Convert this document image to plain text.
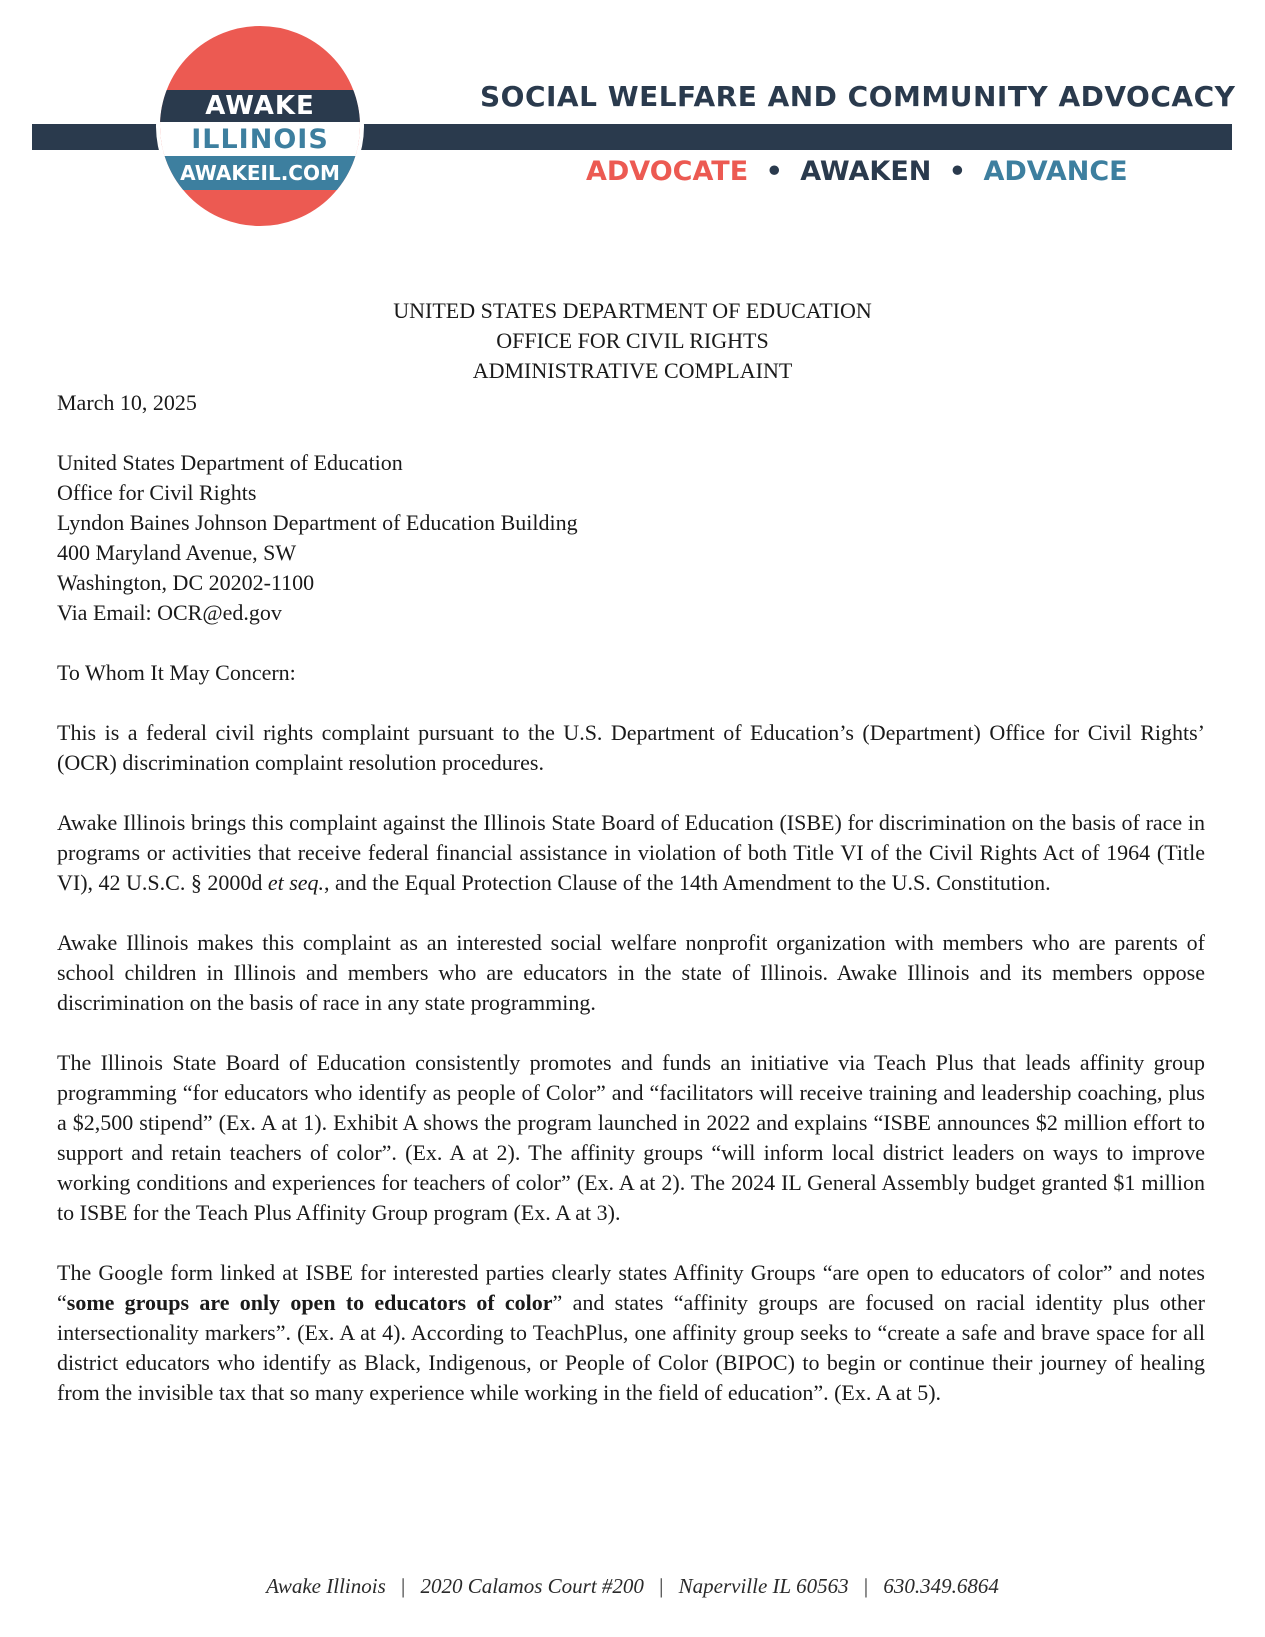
AWAKE
ILLINOIS
AWAKEIL.COM
SOCIAL WELFARE AND COMMUNITY ADVOCACY
ADVOCATE • AWAKEN • ADVANCE
UNITED STATES DEPARTMENT OF EDUCATION
OFFICE FOR CIVIL RIGHTS
ADMINISTRATIVE COMPLAINT
March 10, 2025
United States Department of Education
Office for Civil Rights
Lyndon Baines Johnson Department of Education Building
400 Maryland Avenue, SW
Washington, DC 20202-1100
Via Email: OCR@ed.gov
To Whom It May Concern:

This is a federal civil rights complaint pursuant to the U.S. Department of Education’s (Department) Office for Civil Rights’ (OCR) discrimination complaint resolution procedures.

Awake Illinois brings this complaint against the Illinois State Board of Education (ISBE) for discrimination on the basis of race in programs or activities that receive federal financial assistance in violation of both Title VI of the Civil Rights Act of 1964 (Title VI), 42 U.S.C. § 2000d et seq., and the Equal Protection Clause of the 14th Amendment to the U.S. Constitution.

Awake Illinois makes this complaint as an interested social welfare nonprofit organization with members who are parents of school children in Illinois and members who are educators in the state of Illinois. Awake Illinois and its members oppose discrimination on the basis of race in any state programming.

The Illinois State Board of Education consistently promotes and funds an initiative via Teach Plus that leads affinity group programming “for educators who identify as people of Color” and “facilitators will receive training and leadership coaching, plus a $2,500 stipend” (Ex. A at 1). Exhibit A shows the program launched in 2022 and explains “ISBE announces $2 million effort to support and retain teachers of color”. (Ex. A at 2). The affinity groups “will inform local district leaders on ways to improve working conditions and experiences for teachers of color” (Ex. A at 2). The 2024 IL General Assembly budget granted $1 million to ISBE for the Teach Plus Affinity Group program (Ex. A at 3).

The Google form linked at ISBE for interested parties clearly states Affinity Groups “are open to educators of color” and notes “some groups are only open to educators of color” and states “affinity groups are focused on racial identity plus other intersectionality markers”. (Ex. A at 4). According to TeachPlus, one affinity group seeks to “create a safe and brave space for all district educators who identify as Black, Indigenous, or People of Color (BIPOC) to begin or continue their journey of healing from the invisible tax that so many experience while working in the field of education”. (Ex. A at 5).

Awake Illinois | 2020 Calamos Court #200 | Naperville IL 60563 | 630.349.6864
